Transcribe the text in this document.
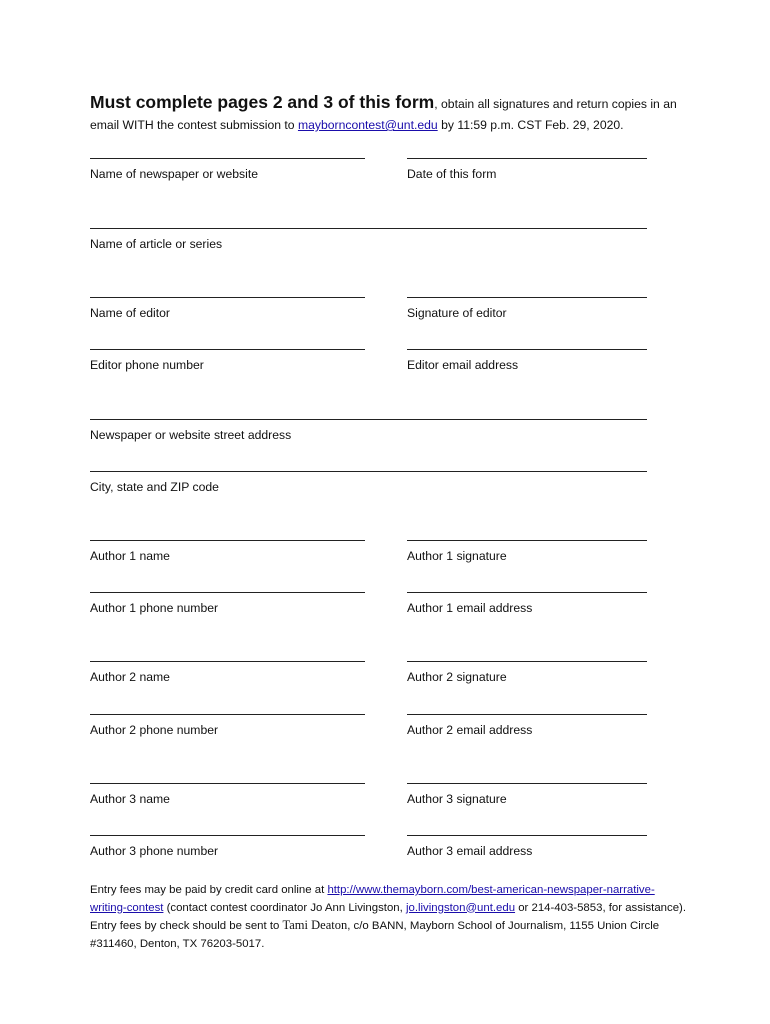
Must complete pages 2 and 3 of this form, obtain all signatures and return copies in an email WITH the contest submission to mayborncontest@unt.edu by 11:59 p.m. CST Feb. 29, 2020.
Name of newspaper or website	Date of this form
Name of article or series
Name of editor	Signature of editor
Editor phone number	Editor email address
Newspaper or website street address
City, state and ZIP code
Author 1 name	Author 1 signature
Author 1 phone number	Author 1 email address
Author 2 name	Author 2 signature
Author 2 phone number	Author 2 email address
Author 3 name	Author 3 signature
Author 3 phone number	Author 3 email address
Entry fees may be paid by credit card online at http://www.themayborn.com/best-american-newspaper-narrative-writing-contest (contact contest coordinator Jo Ann Livingston, jo.livingston@unt.edu or 214-403-5853, for assistance). Entry fees by check should be sent to Tami Deaton, c/o BANN, Mayborn School of Journalism, 1155 Union Circle #311460, Denton, TX 76203-5017.
